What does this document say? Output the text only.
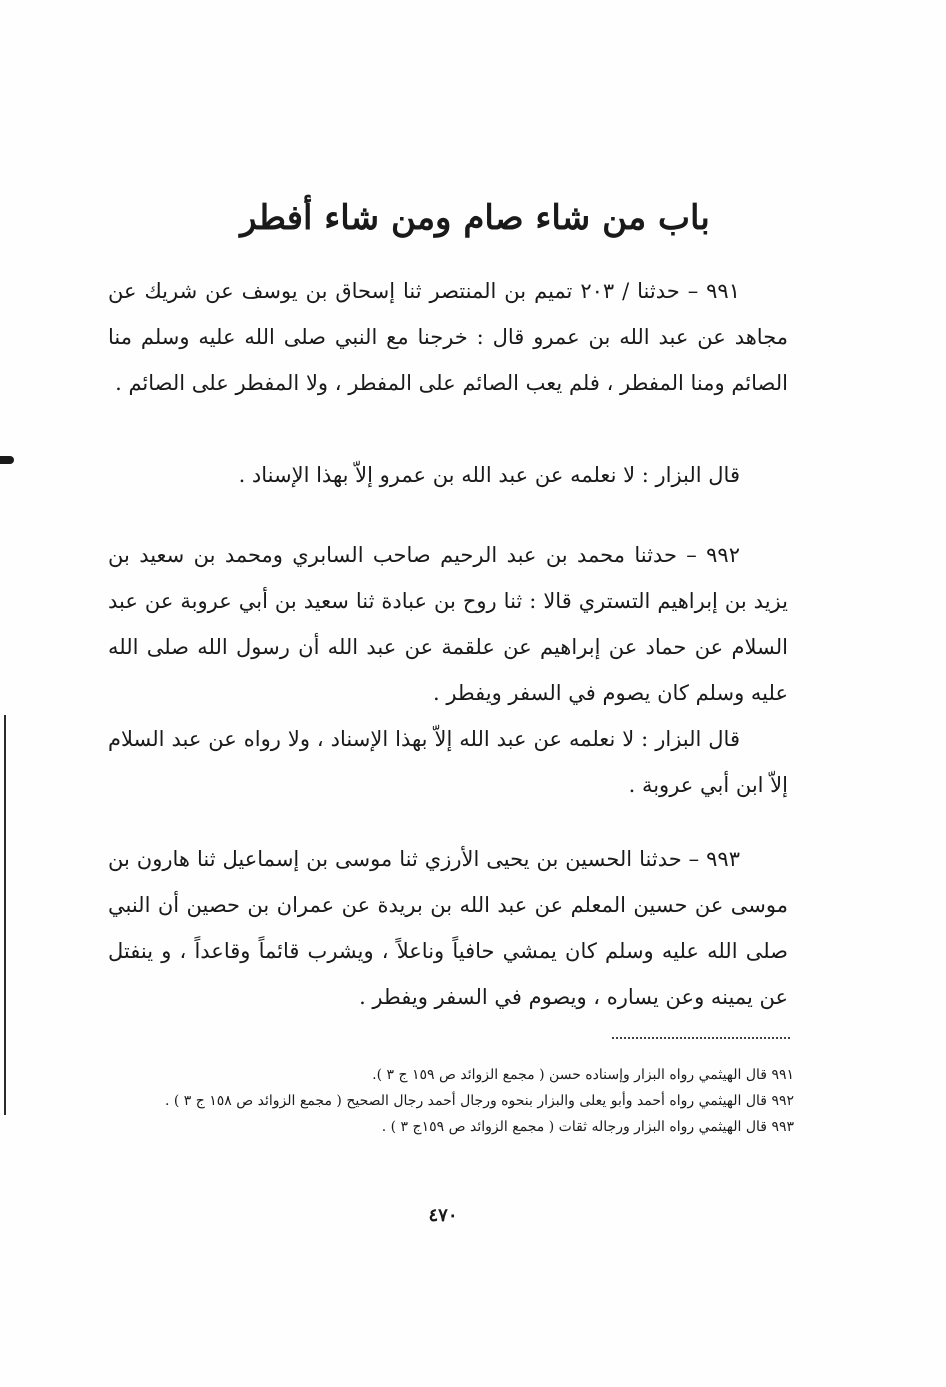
باب من شاء صام ومن شاء أفطر

٩٩١ – حدثنا / ٢٠٣ تميم بن المنتصر ثنا إسحاق بن يوسف عن شريك عن مجاهد عن عبد الله بن عمرو قال : خرجنا مع النبي صلى الله عليه وسلم منا الصائم ومنا المفطر ، فلم يعب الصائم على المفطر ، ولا المفطر على الصائم .

قال البزار : لا نعلمه عن عبد الله بن عمرو إلاّ بهذا الإسناد .

٩٩٢ – حدثنا محمد بن عبد الرحيم صاحب السابري ومحمد بن سعيد بن يزيد بن إبراهيم التستري قالا : ثنا روح بن عبادة ثنا سعيد بن أبي عروبة عن عبد السلام عن حماد عن إبراهيم عن علقمة عن عبد الله أن رسول الله صلى الله عليه وسلم كان يصوم في السفر ويفطر .

قال البزار : لا نعلمه عن عبد الله إلاّ بهذا الإسناد ، ولا رواه عن عبد السلام إلاّ ابن أبي عروبة .

٩٩٣ – حدثنا الحسين بن يحيى الأرزي ثنا موسى بن إسماعيل ثنا هارون بن موسى عن حسين المعلم عن عبد الله بن بريدة عن عمران بن حصين أن النبي صلى الله عليه وسلم كان يمشي حافياً وناعلاً ، ويشرب قائماً وقاعداً ، و ينفتل عن يمينه وعن يساره ، ويصوم في السفر ويفطر .

٩٩١ قال الهيثمي رواه البزار وإسناده حسن ( مجمع الزوائد ص ١٥٩ ج ٣ ).

٩٩٢ قال الهيثمي رواه أحمد وأبو يعلى والبزار بنحوه ورجال أحمد رجال الصحيح ( مجمع الزوائد ص ١٥٨ ج ٣ ) .

٩٩٣ قال الهيثمي رواه البزار ورجاله ثقات ( مجمع الزوائد ص ١٥٩ج ٣ ) .

٤٧٠
